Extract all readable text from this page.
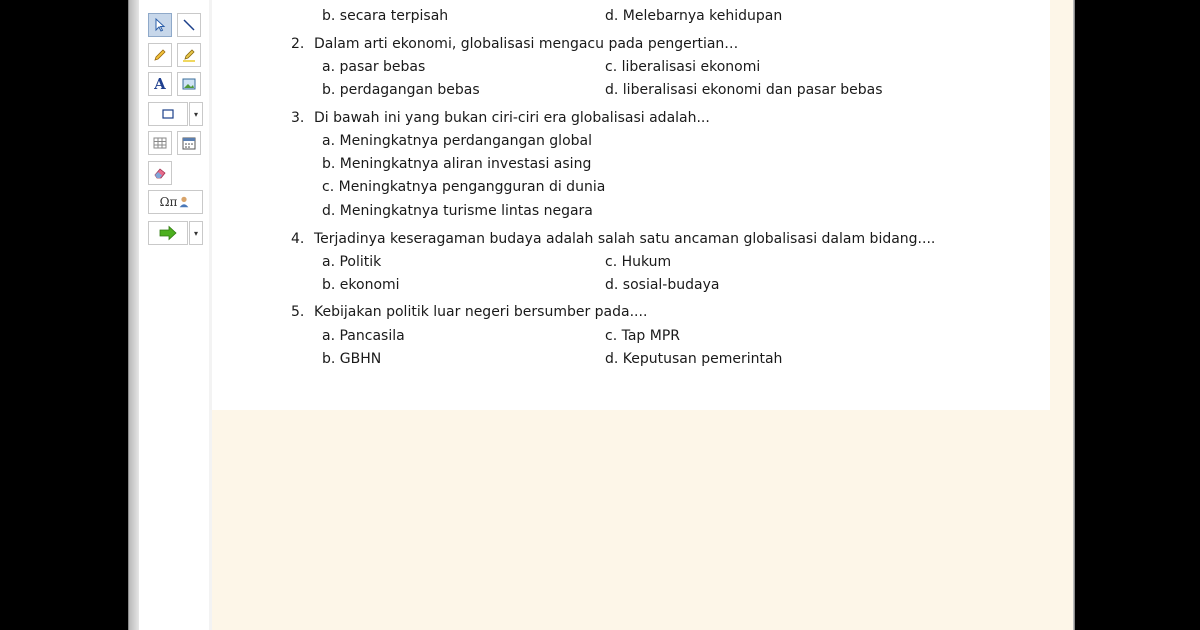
A
▾
Ωπ
▾
b. secara terpisah	d. Melebarnya kehidupan
2. Dalam arti ekonomi, globalisasi mengacu pada pengertian…
a. pasar bebas	c. liberalisasi ekonomi
b. perdagangan bebas	d. liberalisasi ekonomi dan pasar bebas
3. Di bawah ini yang bukan ciri-ciri era globalisasi adalah...
a. Meningkatnya perdangangan global
b. Meningkatnya aliran investasi asing
c. Meningkatnya pengangguran di dunia
d. Meningkatnya turisme lintas negara
4. Terjadinya keseragaman budaya adalah salah satu ancaman globalisasi dalam bidang....
a. Politik	c. Hukum
b. ekonomi	d. sosial-budaya
5. Kebijakan politik luar negeri bersumber pada....
a. Pancasila	c. Tap MPR
b. GBHN	d. Keputusan pemerintah
